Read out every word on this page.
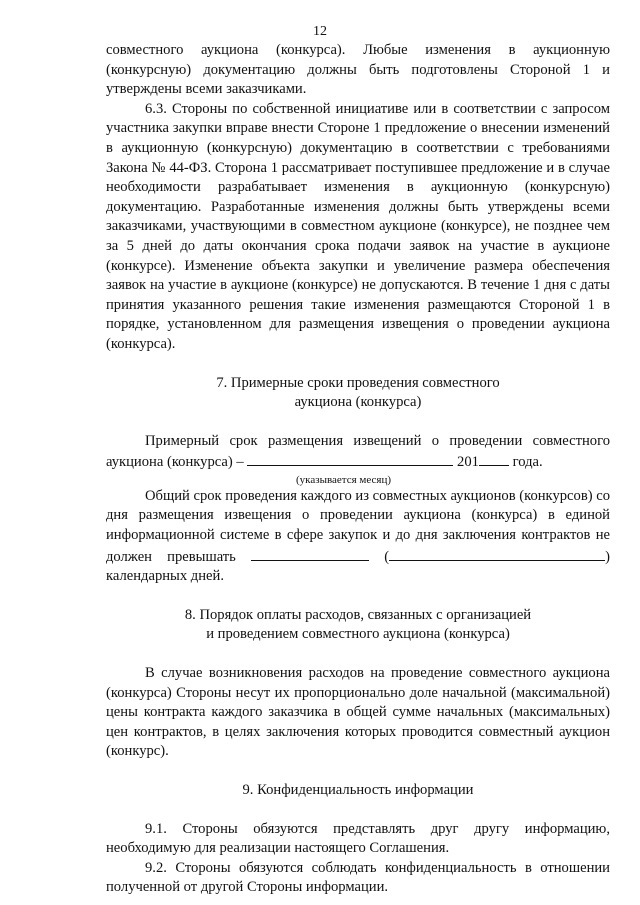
12

совместного аукциона (конкурса). Любые изменения в аукционную (конкурсную) документацию должны быть подготовлены Стороной 1 и утверждены всеми заказчиками.

6.3. Стороны по собственной инициативе или в соответствии с запросом участника закупки вправе внести Стороне 1 предложение о внесении изменений в аукционную (конкурсную) документацию в соответствии с требованиями Закона № 44-ФЗ. Сторона 1 рассматривает поступившее предложение и в случае необходимости разрабатывает изменения в аукционную (конкурсную) документацию. Разработанные изменения должны быть утверждены всеми заказчиками, участвующими в совместном аукционе (конкурсе), не позднее чем за 5 дней до даты окончания срока подачи заявок на участие в аукционе (конкурсе). Изменение объекта закупки и увеличение размера обеспечения заявок на участие в аукционе (конкурсе) не допускаются. В течение 1 дня с даты принятия указанного решения такие изменения размещаются Стороной 1 в порядке, установленном для размещения извещения о проведении аукциона (конкурса).

7. Примерные сроки проведения совместного

аукциона (конкурса)

Примерный срок размещения извещений о проведении совместного аукциона (конкурса) –	201 года.

(указывается месяц)

Общий срок проведения каждого из совместных аукционов (конкурсов) со дня размещения извещения о проведении аукциона (конкурса) в единой информационной системе в сфере закупок и до дня заключения контрактов не должен превышать	(	) календарных дней.

8. Порядок оплаты расходов, связанных с организацией

и проведением совместного аукциона (конкурса)

В случае возникновения расходов на проведение совместного аукциона (конкурса) Стороны несут их пропорционально доле начальной (максимальной) цены контракта каждого заказчика в общей сумме начальных (максимальных) цен контрактов, в целях заключения которых проводится совместный аукцион (конкурс).

9. Конфиденциальность информации

9.1. Стороны обязуются представлять друг другу информацию, необходимую для реализации настоящего Соглашения.

9.2. Стороны обязуются соблюдать конфиденциальность в отношении полученной от другой Стороны информации.
